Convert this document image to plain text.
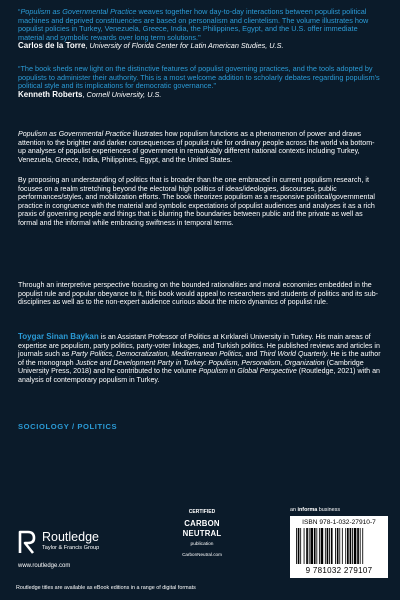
“Populism as Governmental Practice weaves together how day-to-day interactions between populist political machines and deprived constituencies are based on personalism and clientelism. The volume illustrates how populist policies in Turkey, Venezuela, Greece, India, the Philippines, Egypt, and the U.S. offer immediate material and symbolic rewards over long term solutions."
Carlos de la Torre, University of Florida Center for Latin American Studies, U.S.
“The book sheds new light on the distinctive features of populist governing practices, and the tools adopted by populists to administer their authority. This is a most welcome addition to scholarly debates regarding populism's political style and its implications for democratic governance."
Kenneth Roberts, Cornell University, U.S.
Populism as Governmental Practice illustrates how populism functions as a phenomenon of power and draws attention to the brighter and darker consequences of populist rule for ordinary people across the world via bottom-up analyses of populist experiences of government in remarkably different national contexts including Turkey, Venezuela, Greece, India, Philippines, Egypt, and the United States.
By proposing an understanding of politics that is broader than the one embraced in current populism research, it focuses on a realm stretching beyond the electoral high politics of ideas/ideologies, discourses, public performances/styles, and mobilization efforts. The book theorizes populism as a responsive political/governmental practice in congruence with the material and symbolic expectations of populist audiences and analyses it as a rich praxis of governing people and things that is blurring the boundaries between public and the private as well as formal and the informal while embracing swiftness in temporal terms.
Through an interpretive perspective focusing on the bounded rationalities and moral economies embedded in the populist rule and popular obeyance to it, this book would appeal to researchers and students of politics and its sub-disciplines as well as to the non-expert audience curious about the micro dynamics of populist rule.
Toygar Sinan Baykan is an Assistant Professor of Politics at Kırklareli University in Turkey. His main areas of expertise are populism, party politics, party-voter linkages, and Turkish politics. He published reviews and articles in journals such as Party Politics, Democratization, Mediterranean Politics, and Third World Quarterly. He is the author of the monograph Justice and Development Party in Turkey: Populism, Personalism, Organization (Cambridge University Press, 2018) and he contributed to the volume Populism in Global Perspective (Routledge, 2021) with an analysis of contemporary populism in Turkey.
SOCIOLOGY / POLITICS
Routledge
Taylor & Francis Group
www.routledge.com
CERTIFIED
CARBON
NEUTRAL
publication
CarbonNeutral.com
an informa business
ISBN 978-1-032-27910-7
9 781032 279107
Routledge titles are available as eBook editions in a range of digital formats
